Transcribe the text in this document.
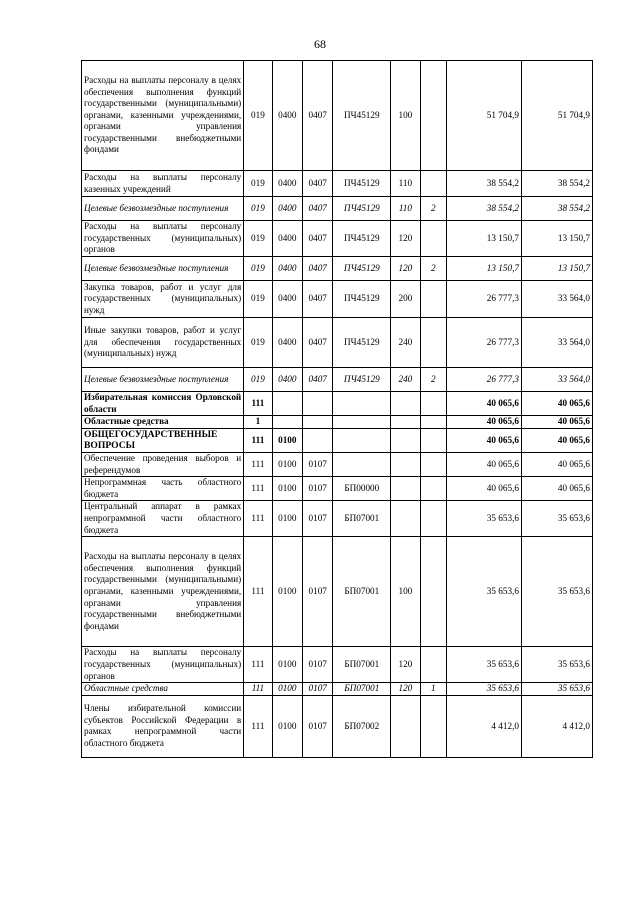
68
Расходы на выплаты персоналу в целях обеспечения выполнения функций государственными (муниципальными) органами, казенными учреждениями, органами управления государственными внебюджетными фондами	019	0400	0407	ПЧ45129	100		51 704,9	51 704,9
Расходы на выплаты персоналу казенных учреждений	019	0400	0407	ПЧ45129	110		38 554,2	38 554,2
Целевые безвозмездные поступления	019	0400	0407	ПЧ45129	110	2	38 554,2	38 554,2
Расходы на выплаты персоналу государственных (муниципальных) органов	019	0400	0407	ПЧ45129	120		13 150,7	13 150,7
Целевые безвозмездные поступления	019	0400	0407	ПЧ45129	120	2	13 150,7	13 150,7
Закупка товаров, работ и услуг для государственных (муниципальных) нужд	019	0400	0407	ПЧ45129	200		26 777,3	33 564,0
Иные закупки товаров, работ и услуг для обеспечения государственных (муниципальных) нужд	019	0400	0407	ПЧ45129	240		26 777,3	33 564,0
Целевые безвозмездные поступления	019	0400	0407	ПЧ45129	240	2	26 777,3	33 564,0
Избирательная комиссия Орловской области	111						40 065,6	40 065,6
Областные средства	1						40 065,6	40 065,6
ОБЩЕГОСУДАРСТВЕННЫЕ ВОПРОСЫ	111	0100					40 065,6	40 065,6
Обеспечение проведения выборов и референдумов	111	0100	0107				40 065,6	40 065,6
Непрограммная часть областного бюджета	111	0100	0107	БП00000			40 065,6	40 065,6
Центральный аппарат в рамках непрограммной части областного бюджета	111	0100	0107	БП07001			35 653,6	35 653,6
Расходы на выплаты персоналу в целях обеспечения выполнения функций государственными (муниципальными) органами, казенными учреждениями, органами управления государственными внебюджетными фондами	111	0100	0107	БП07001	100		35 653,6	35 653,6
Расходы на выплаты персоналу государственных (муниципальных) органов	111	0100	0107	БП07001	120		35 653,6	35 653,6
Областные средства	111	0100	0107	БП07001	120	1	35 653,6	35 653,6
Члены избирательной комиссии субъектов Российской Федерации в рамках непрограммной части областного бюджета	111	0100	0107	БП07002			4 412,0	4 412,0
